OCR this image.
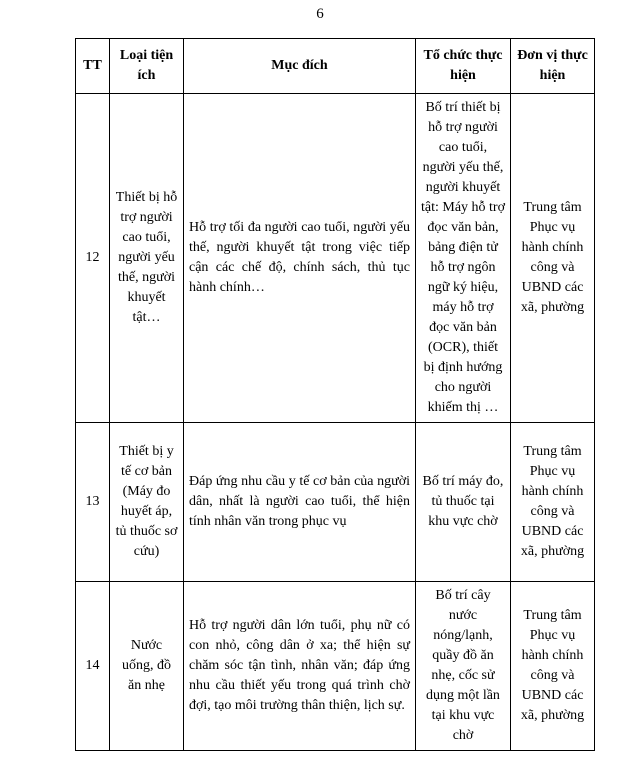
6
TT	Loại tiện ích	Mục đích	Tổ chức thực hiện	Đơn vị thực hiện
12	Thiết bị hỗ trợ người cao tuổi, người yếu thế, người khuyết tật…	Hỗ trợ tối đa người cao tuổi, người yếu thế, người khuyết tật trong việc tiếp cận các chế độ, chính sách, thủ tục hành chính…	Bố trí thiết bị hỗ trợ người cao tuổi, người yếu thế, người khuyết tật: Máy hỗ trợ đọc văn bản, bảng điện tử hỗ trợ ngôn ngữ ký hiệu, máy hỗ trợ đọc văn bản (OCR), thiết bị định hướng cho người khiếm thị …	Trung tâm Phục vụ hành chính công và UBND các xã, phường
13	Thiết bị y tế cơ bản (Máy đo huyết áp, tủ thuốc sơ cứu)	Đáp ứng nhu cầu y tế cơ bản của người dân, nhất là người cao tuổi, thể hiện tính nhân văn trong phục vụ	Bố trí máy đo, tủ thuốc tại khu vực chờ	Trung tâm Phục vụ hành chính công và UBND các xã, phường
14	Nước uống, đồ ăn nhẹ	Hỗ trợ người dân lớn tuổi, phụ nữ có con nhỏ, công dân ở xa; thể hiện sự chăm sóc tận tình, nhân văn; đáp ứng nhu cầu thiết yếu trong quá trình chờ đợi, tạo môi trường thân thiện, lịch sự.	Bố trí cây nước nóng/lạnh, quầy đồ ăn nhẹ, cốc sử dụng một lần tại khu vực chờ	Trung tâm Phục vụ hành chính công và UBND các xã, phường
